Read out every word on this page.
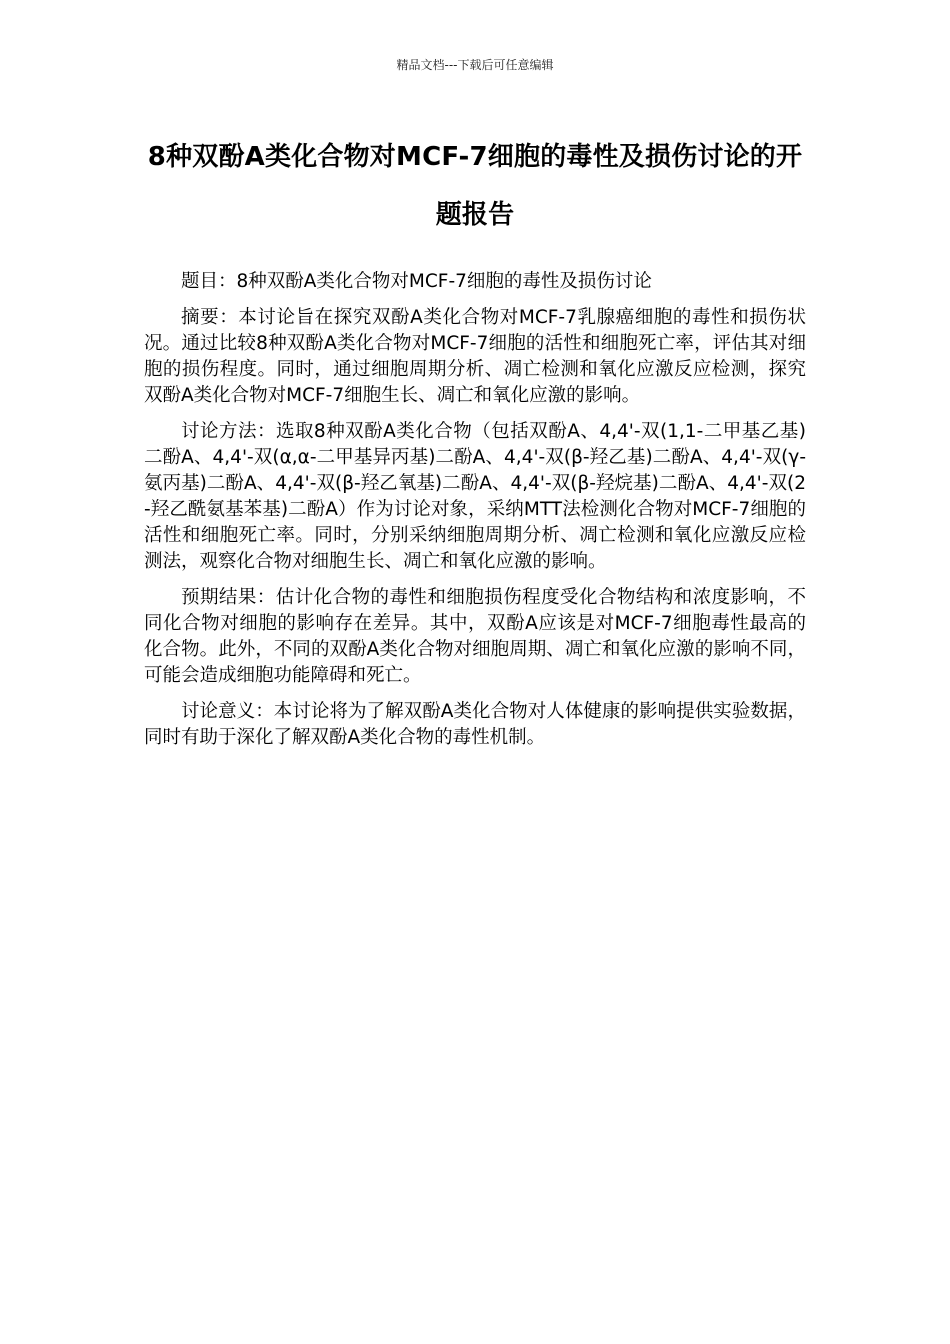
精品文档---下载后可任意编辑
8种双酚A类化合物对MCF-7细胞的毒性及损伤讨论的开题报告

题目：8种双酚A类化合物对MCF-7细胞的毒性及损伤讨论

摘要：本讨论旨在探究双酚A类化合物对MCF-7乳腺癌细胞的毒性和损伤状况。通过比较8种双酚A类化合物对MCF-7细胞的活性和细胞死亡率，评估其对细胞的损伤程度。同时，通过细胞周期分析、凋亡检测和氧化应激反应检测，探究双酚A类化合物对MCF-7细胞生长、凋亡和氧化应激的影响。

讨论方法：选取8种双酚A类化合物（包括双酚A、4,4'-双(1,1-二甲基乙基)二酚A、4,4'-双(α,α-二甲基异丙基)二酚A、4,4'-双(β-羟乙基)二酚A、4,4'-双(γ-氨丙基)二酚A、4,4'-双(β-羟乙氧基)二酚A、4,4'-双(β-羟烷基)二酚A、4,4'-双(2-羟乙酰氨基苯基)二酚A）作为讨论对象，采纳MTT法检测化合物对MCF-7细胞的活性和细胞死亡率。同时，分别采纳细胞周期分析、凋亡检测和氧化应激反应检测法，观察化合物对细胞生长、凋亡和氧化应激的影响。

预期结果：估计化合物的毒性和细胞损伤程度受化合物结构和浓度影响，不同化合物对细胞的影响存在差异。其中，双酚A应该是对MCF-7细胞毒性最高的化合物。此外，不同的双酚A类化合物对细胞周期、凋亡和氧化应激的影响不同，可能会造成细胞功能障碍和死亡。

讨论意义：本讨论将为了解双酚A类化合物对人体健康的影响提供实验数据，同时有助于深化了解双酚A类化合物的毒性机制。
